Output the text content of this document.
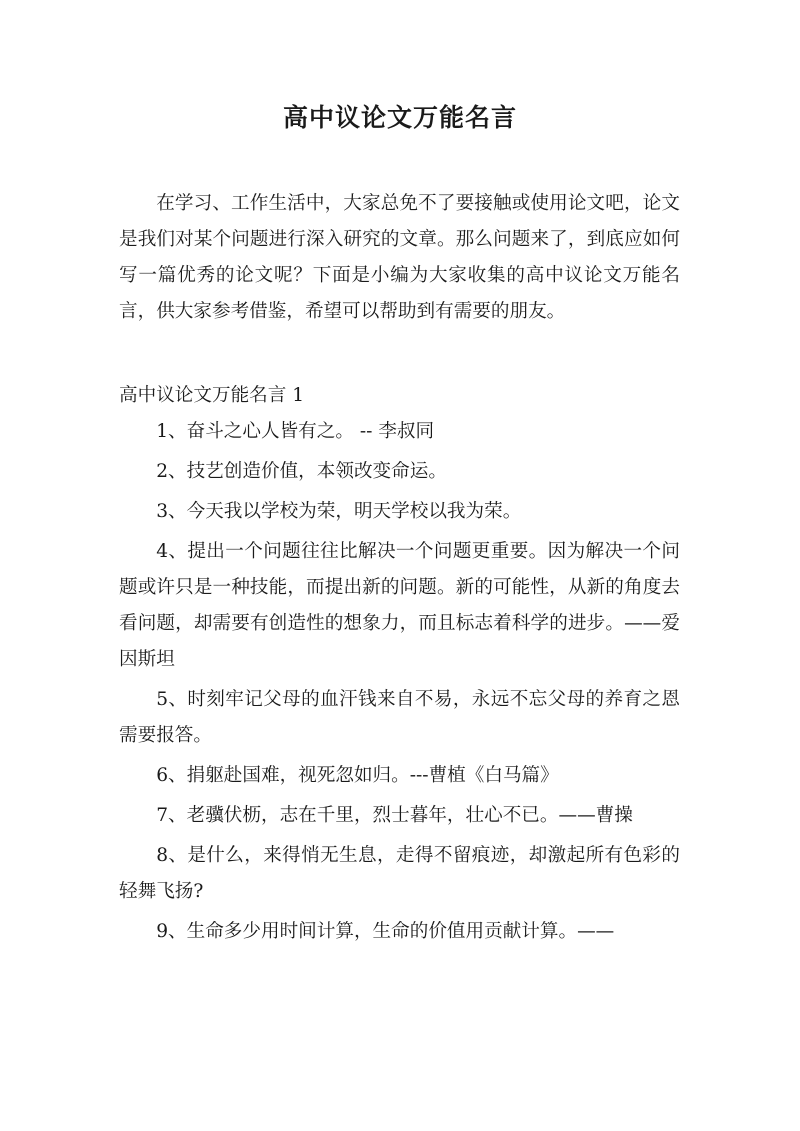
高中议论文万能名言

在学习、工作生活中，大家总免不了要接触或使用论文吧，论文是我们对某个问题进行深入研究的文章。那么问题来了，到底应如何写一篇优秀的论文呢？下面是小编为大家收集的高中议论文万能名言，供大家参考借鉴，希望可以帮助到有需要的朋友。

高中议论文万能名言 1

1、奋斗之心人皆有之。 -- 李叔同

2、技艺创造价值，本领改变命运。

3、今天我以学校为荣，明天学校以我为荣。

4、提出一个问题往往比解决一个问题更重要。因为解决一个问题或许只是一种技能，而提出新的问题。新的可能性，从新的角度去看问题，却需要有创造性的想象力，而且标志着科学的进步。——爱因斯坦

5、时刻牢记父母的血汗钱来自不易，永远不忘父母的养育之恩需要报答。

6、捐躯赴国难，视死忽如归。---曹植《白马篇》

7、老骥伏枥，志在千里，烈士暮年，壮心不已。——曹操

8、是什么，来得悄无生息，走得不留痕迹，却激起所有色彩的轻舞飞扬?

9、生命多少用时间计算，生命的价值用贡献计算。——
